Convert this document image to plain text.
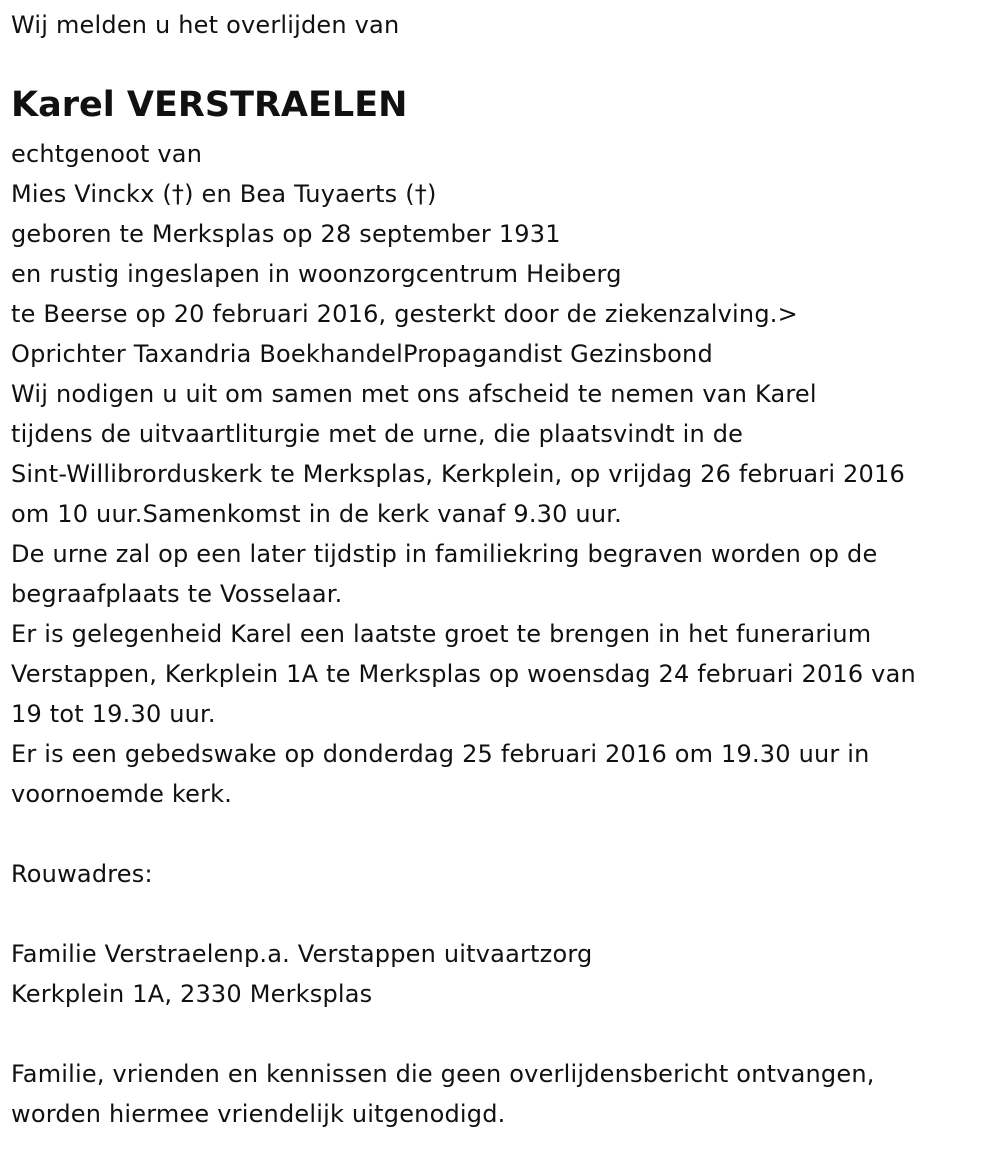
Wij melden u het overlijden van
Karel VERSTRAELEN
echtgenoot van
Mies Vinckx (†) en Bea Tuyaerts (†)
geboren te Merksplas op 28 september 1931
en rustig ingeslapen in woonzorgcentrum Heiberg
te Beerse op 20 februari 2016, gesterkt door de ziekenzalving.>
Oprichter Taxandria BoekhandelPropagandist Gezinsbond
Wij nodigen u uit om samen met ons afscheid te nemen van Karel
tijdens de uitvaartliturgie met de urne, die plaatsvindt in de
Sint-Willibrorduskerk te Merksplas, Kerkplein, op vrijdag 26 februari 2016
om 10 uur.Samenkomst in de kerk vanaf 9.30 uur.
De urne zal op een later tijdstip in familiekring begraven worden op de
begraafplaats te Vosselaar.
Er is gelegenheid Karel een laatste groet te brengen in het funerarium
Verstappen, Kerkplein 1A te Merksplas op woensdag 24 februari 2016 van
19 tot 19.30 uur.
Er is een gebedswake op donderdag 25 februari 2016 om 19.30 uur in
voornoemde kerk.
Rouwadres:
Familie Verstraelenp.a. Verstappen uitvaartzorg
Kerkplein 1A, 2330 Merksplas
Familie, vrienden en kennissen die geen overlijdensbericht ontvangen,
worden hiermee vriendelijk uitgenodigd.
